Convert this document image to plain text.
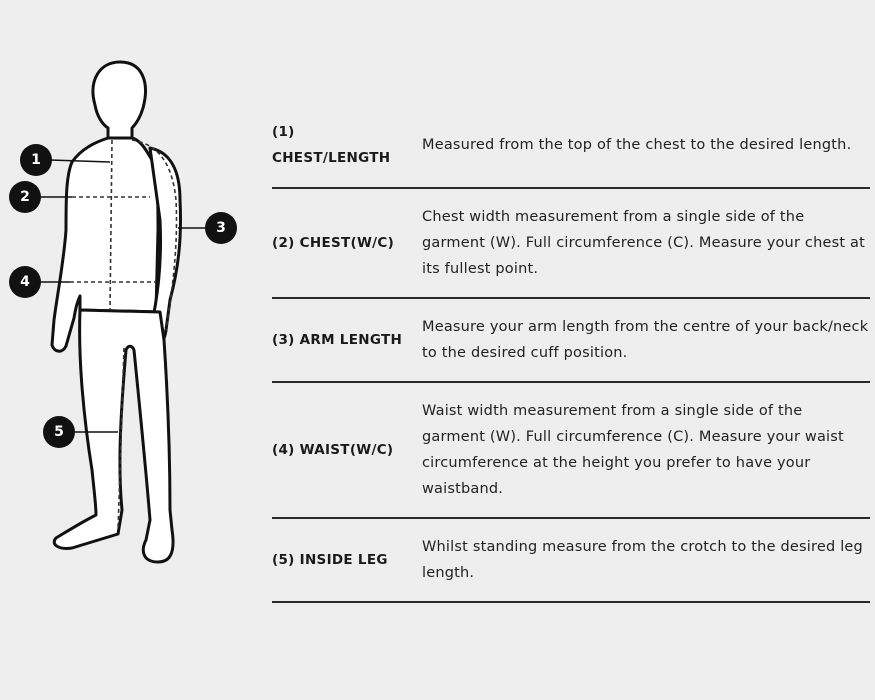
1
2
3
4
5
(1)
CHEST/LENGTH
Measured from the top of the chest to the desired length.
(2) CHEST(W/C)
Chest width measurement from a single side of the garment (W). Full circumference (C). Measure your chest at its fullest point.
(3) ARM LENGTH
Measure your arm length from the centre of your back/neck to the desired cuff position.
(4) WAIST(W/C)
Waist width measurement from a single side of the garment (W). Full circumference (C). Measure your waist circumference at the height you prefer to have your waistband.
(5) INSIDE LEG
Whilst standing measure from the crotch to the desired leg length.
